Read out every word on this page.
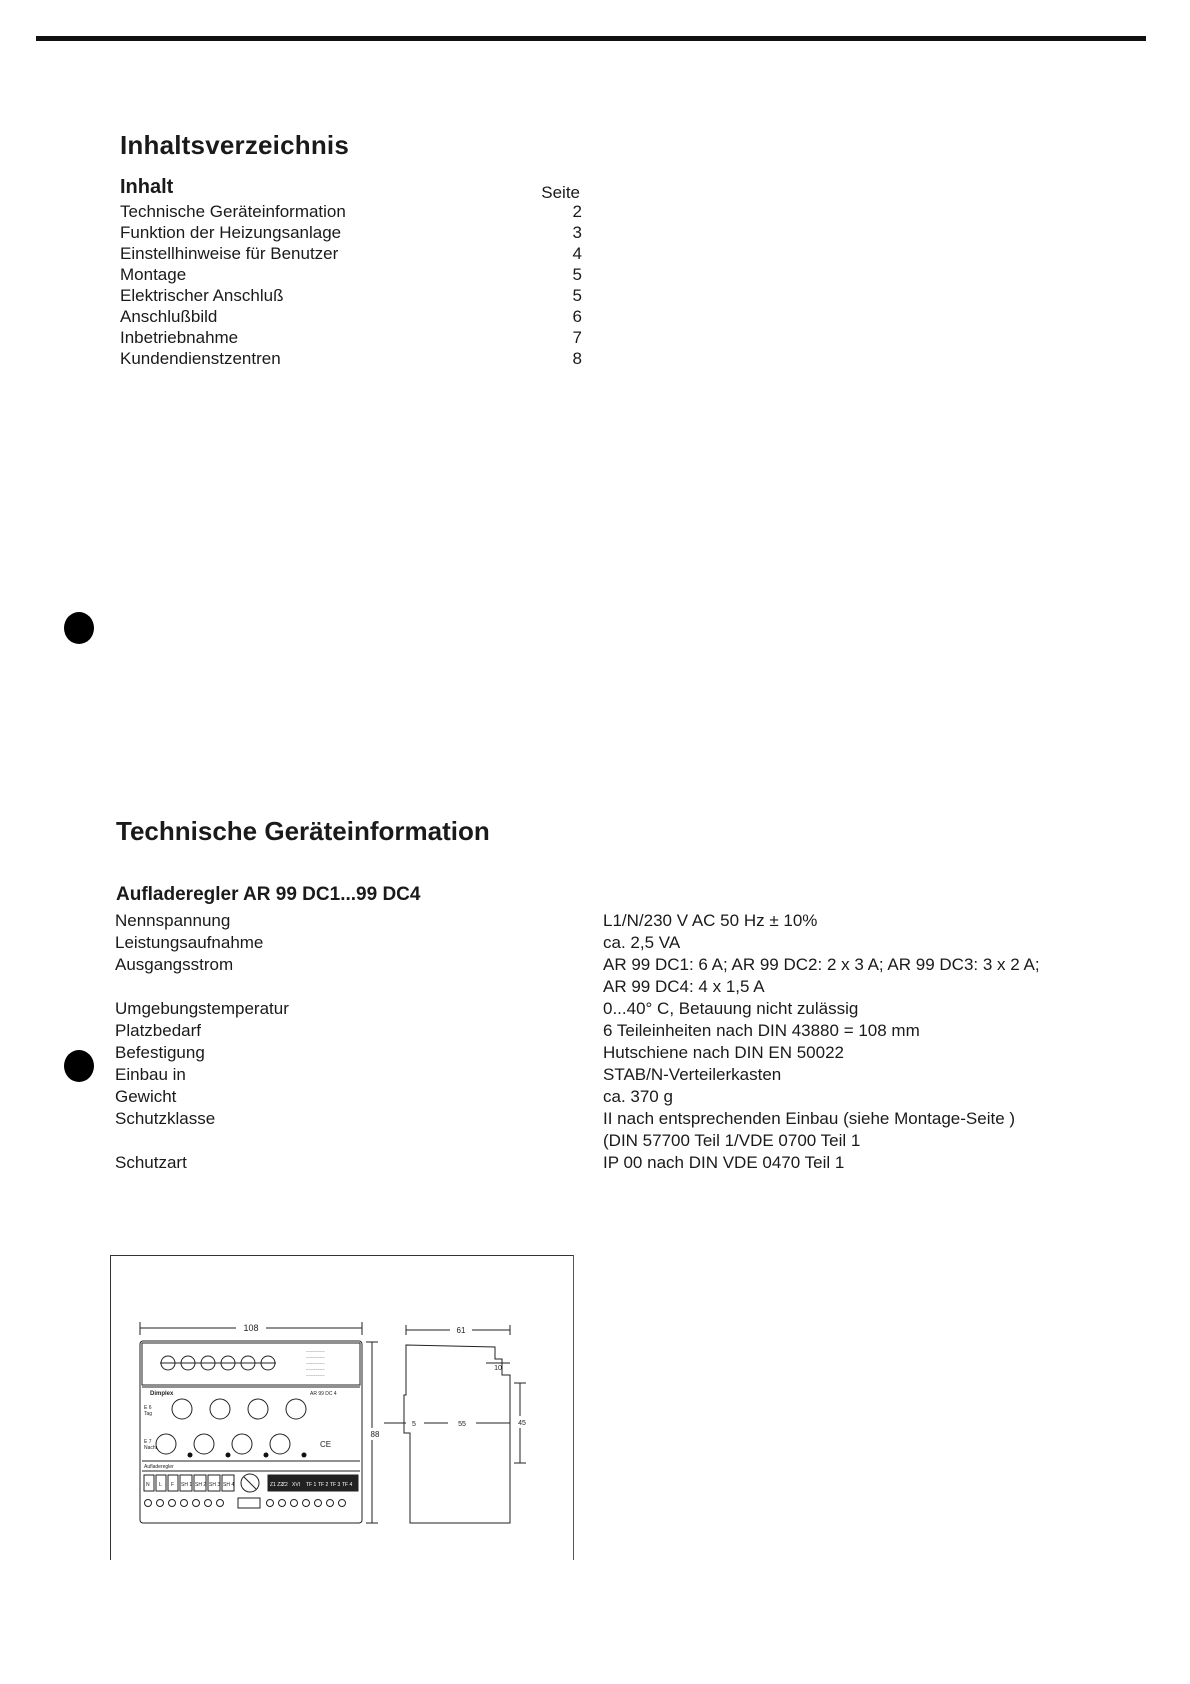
Inhaltsverzeichnis
Inhalt	Seite
Technische Geräteinformation	2
Funktion der Heizungsanlage	3
Einstellhinweise für Benutzer	4
Montage	5
Elektrischer Anschluß	5
Anschlußbild	6
Inbetriebnahme	7
Kundendienstzentren	8
Technische Geräteinformation
Aufladeregler AR 99 DC1...99 DC4
Nennspannung	L1/N/230 V AC 50 Hz ± 10%
Leistungsaufnahme	ca. 2,5 VA
Ausgangsstrom	AR 99 DC1: 6 A; AR 99 DC2: 2 x 3 A; AR 99 DC3: 3 x 2 A;
AR 99 DC4: 4 x 1,5 A
Umgebungstemperatur	0...40° C, Betauung nicht zulässig
Platzbedarf	6 Teileinheiten nach DIN 43880 = 108 mm
Befestigung	Hutschiene nach DIN EN 50022
Einbau in	STAB/N-Verteilerkasten
Gewicht	ca. 370 g
Schutzklasse	II nach entsprechenden Einbau (siehe Montage-Seite )
(DIN 57700 Teil 1/VDE 0700 Teil 1
Schutzart	IP 00 nach DIN VDE 0470 Teil 1
108
88
~~~~~~~~
~~~~~~~~
~~~~~~~~
~~~~~~~~
~~~~~~~~
Dimplex	AR 99 DC 4
E 6
Tag
E 7
Nacht	CE
Aufladeregler
N L F SH 1 SH 2 SH 3 SH 4	Z1 Z2
Z2 XVI TF 1 TF 2 TF 3 TF 4
61
10
45
5	55
